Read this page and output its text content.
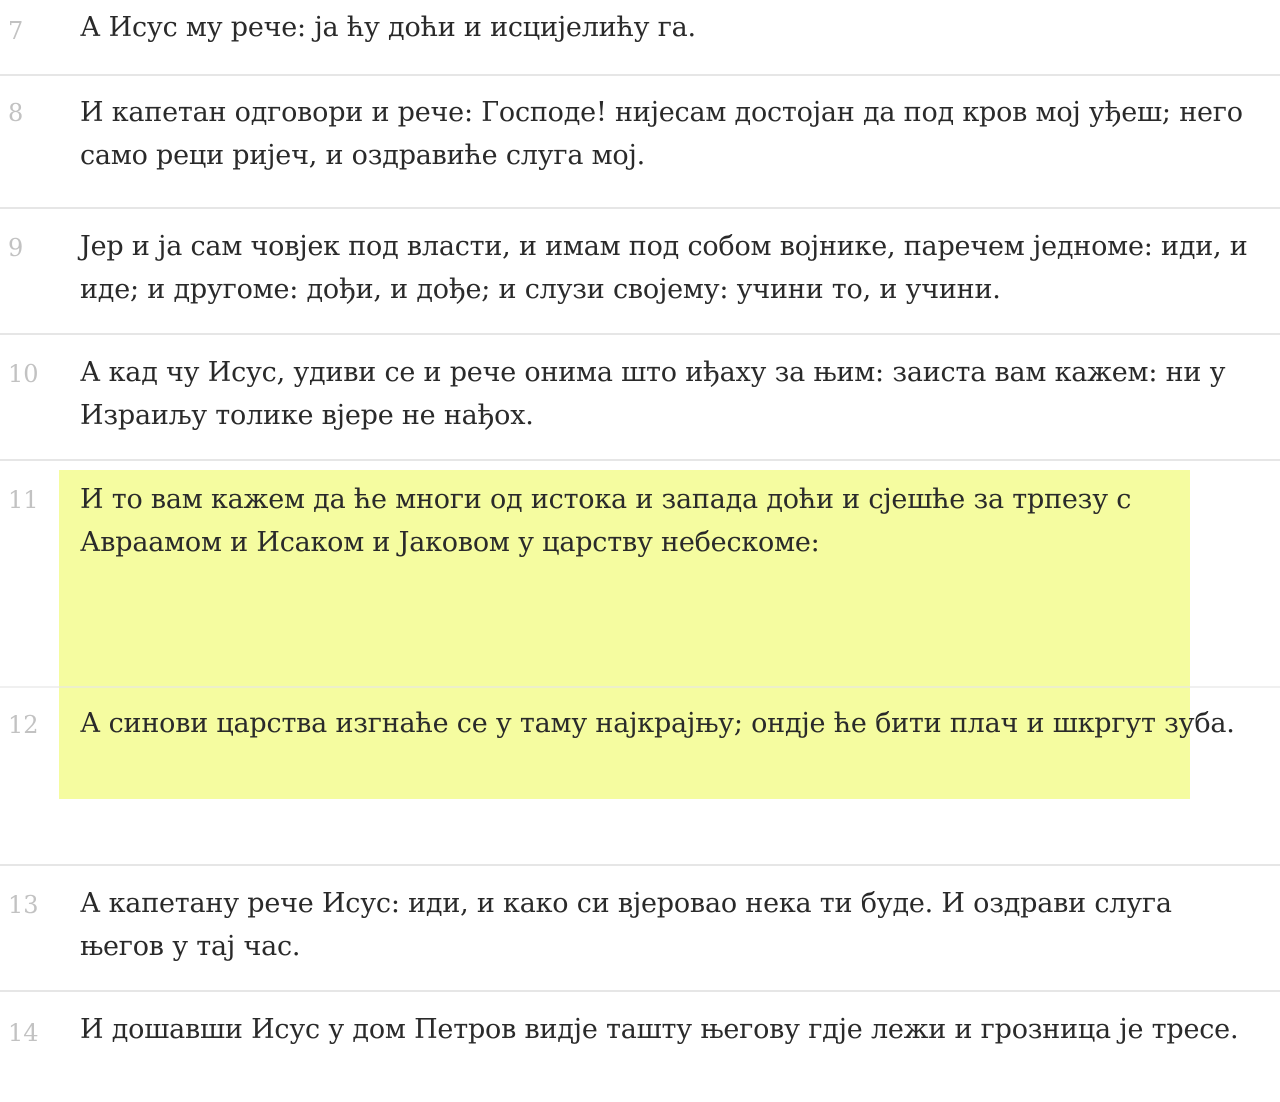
7	А Исус му рече: ја ћу доћи и исцијелићу га.
8	И капетан одговори и рече: Господе! нијесам достојан да под кров мој уђеш; него само реци ријеч, и оздравиће слуга мој.
9	Јер и ја сам човјек под власти, и имам под собом војнике, паречем једноме: иди, и иде; и другоме: дођи, и дође; и слузи својему: учини то, и учини.
10	А кад чу Исус, удиви се и рече онима што иђаху за њим: заиста вам кажем: ни у Израиљу толике вјере не нађох.
11	И то вам кажем да ће многи од истока и запада доћи и сјешће за трпезу с Авраамом и Исаком и Јаковом у царству небескоме:
12	А синови царства изгнаће се у таму најкрајњу; ондје ће бити плач и шкргут зуба.
13	А капетану рече Исус: иди, и како си вјеровао нека ти буде. И оздрави слуга његов у тај час.
14	И дошавши Исус у дом Петров видје ташту његову гдје лежи и грозница је тресе.
